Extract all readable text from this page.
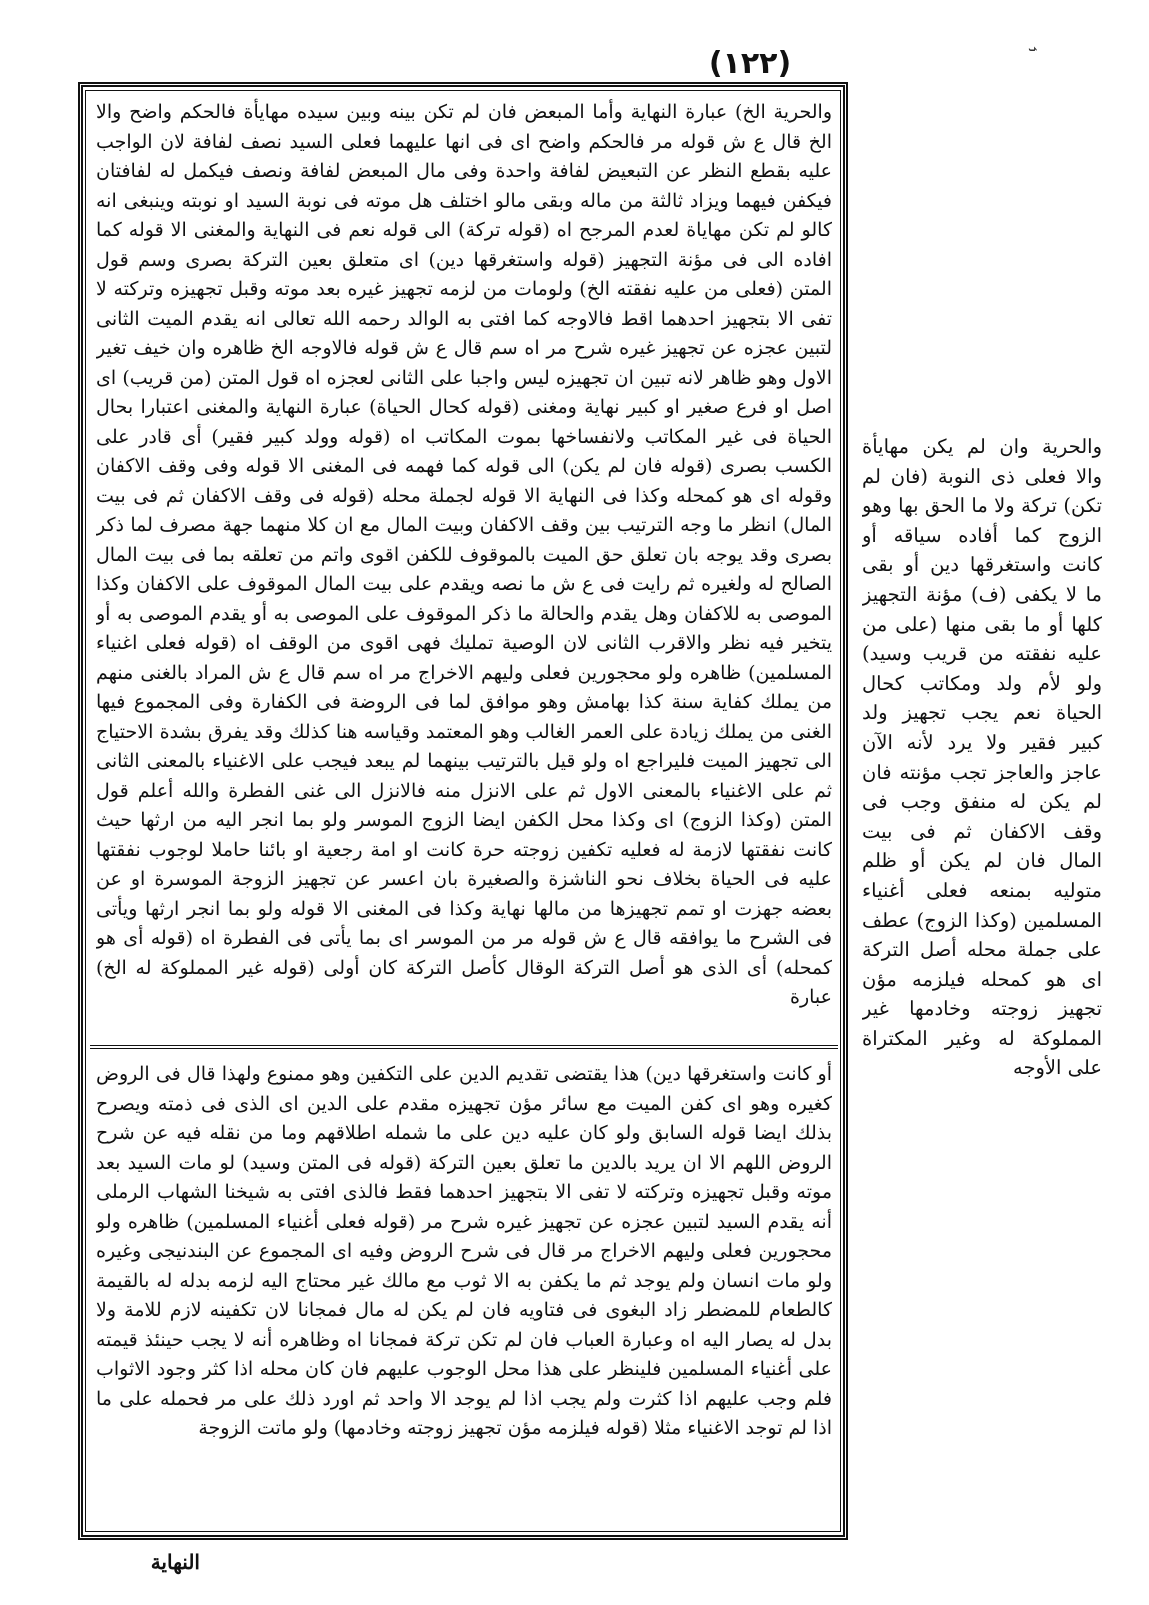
ܝ
(١٢٢)
والحرية الخ) عبارة النهاية وأما المبعض فان لم تكن بينه وبين سيده مهايأة فالحكم واضح والا الخ قال ع ش قوله مر فالحكم واضح اى فى انها عليهما فعلى السيد نصف لفافة لان الواجب عليه بقطع النظر عن التبعيض لفافة واحدة وفى مال المبعض لفافة ونصف فيكمل له لفافتان فيكفن فيهما ويزاد ثالثة من ماله وبقى مالو اختلف هل موته فى نوبة السيد او نوبته وينبغى انه كالو لم تكن مهاياة لعدم المرجح اه (قوله تركة) الى قوله نعم فى النهاية والمغنى الا قوله كما افاده الى فى مؤنة التجهيز (قوله واستغرقها دين) اى متعلق بعين التركة بصرى وسم قول المتن (فعلى من عليه نفقته الخ) ولومات من لزمه تجهيز غيره بعد موته وقبل تجهيزه وتركته لا تفى الا بتجهيز احدهما اقط فالاوجه كما افتى به الوالد رحمه الله تعالى انه يقدم الميت الثانى لتبين عجزه عن تجهيز غيره شرح مر اه سم قال ع ش قوله فالاوجه الخ ظاهره وان خيف تغير الاول وهو ظاهر لانه تبين ان تجهيزه ليس واجبا على الثانى لعجزه اه قول المتن (من قريب) اى اصل او فرع صغير او كبير نهاية ومغنى (قوله كحال الحياة) عبارة النهاية والمغنى اعتبارا بحال الحياة فى غير المكاتب ولانفساخها بموت المكاتب اه (قوله وولد كبير فقير) أى قادر على الكسب بصرى (قوله فان لم يكن) الى قوله كما فهمه فى المغنى الا قوله وفى وقف الاكفان وقوله اى هو كمحله وكذا فى النهاية الا قوله لجملة محله (قوله فى وقف الاكفان ثم فى بيت المال) انظر ما وجه الترتيب بين وقف الاكفان وبيت المال مع ان كلا منهما جهة مصرف لما ذكر بصرى وقد يوجه بان تعلق حق الميت بالموقوف للكفن اقوى واتم من تعلقه بما فى بيت المال الصالح له ولغيره ثم رايت فى ع ش ما نصه ويقدم على بيت المال الموقوف على الاكفان وكذا الموصى به للاكفان وهل يقدم والحالة ما ذكر الموقوف على الموصى به أو يقدم الموصى به أو يتخير فيه نظر والاقرب الثانى لان الوصية تمليك فهى اقوى من الوقف اه (قوله فعلى اغنياء المسلمين) ظاهره ولو محجورين فعلى وليهم الاخراج مر اه سم قال ع ش المراد بالغنى منهم من يملك كفاية سنة كذا بهامش وهو موافق لما فى الروضة فى الكفارة وفى المجموع فيها الغنى من يملك زيادة على العمر الغالب وهو المعتمد وقياسه هنا كذلك وقد يفرق بشدة الاحتياج الى تجهيز الميت فليراجع اه ولو قيل بالترتيب بينهما لم يبعد فيجب على الاغنياء بالمعنى الثانى ثم على الاغنياء بالمعنى الاول ثم على الانزل منه فالانزل الى غنى الفطرة والله أعلم قول المتن (وكذا الزوج) اى وكذا محل الكفن ايضا الزوج الموسر ولو بما انجر اليه من ارثها حيث كانت نفقتها لازمة له فعليه تكفين زوجته حرة كانت او امة رجعية او بائنا حاملا لوجوب نفقتها عليه فى الحياة بخلاف نحو الناشزة والصغيرة بان اعسر عن تجهيز الزوجة الموسرة او عن بعضه جهزت او تمم تجهيزها من مالها نهاية وكذا فى المغنى الا قوله ولو بما انجر ارثها ويأتى فى الشرح ما يوافقه قال ع ش قوله مر من الموسر اى بما يأتى فى الفطرة اه (قوله أى هو كمحله) أى الذى هو أصل التركة الوقال كأصل التركة كان أولى (قوله غير المملوكة له الخ) عبارة
أو كانت واستغرقها دين) هذا يقتضى تقديم الدين على التكفين وهو ممنوع ولهذا قال فى الروض كغيره وهو اى كفن الميت مع سائر مؤن تجهيزه مقدم على الدين اى الذى فى ذمته ويصرح بذلك ايضا قوله السابق ولو كان عليه دين على ما شمله اطلاقهم وما من نقله فيه عن شرح الروض اللهم الا ان يريد بالدين ما تعلق بعين التركة (قوله فى المتن وسيد) لو مات السيد بعد موته وقبل تجهيزه وتركته لا تفى الا بتجهيز احدهما فقط فالذى افتى به شيخنا الشهاب الرملى أنه يقدم السيد لتبين عجزه عن تجهيز غيره شرح مر (قوله فعلى أغنياء المسلمين) ظاهره ولو محجورين فعلى وليهم الاخراج مر قال فى شرح الروض وفيه اى المجموع عن البندنيجى وغيره ولو مات انسان ولم يوجد ثم ما يكفن به الا ثوب مع مالك غير محتاج اليه لزمه بدله له بالقيمة كالطعام للمضطر زاد البغوى فى فتاويه فان لم يكن له مال فمجانا لان تكفينه لازم للامة ولا بدل له يصار اليه اه وعبارة العباب فان لم تكن تركة فمجانا اه وظاهره أنه لا يجب حينئذ قيمته على أغنياء المسلمين فلينظر على هذا محل الوجوب عليهم فان كان محله اذا كثر وجود الاثواب فلم وجب عليهم اذا كثرت ولم يجب اذا لم يوجد الا واحد ثم اورد ذلك على مر فحمله على ما اذا لم توجد الاغنياء مثلا (قوله فيلزمه مؤن تجهيز زوجته وخادمها) ولو ماتت الزوجة
والحرية وان لم يكن مهايأة والا فعلى ذى النوبة (فان لم تكن) تركة ولا ما الحق بها وهو الزوج كما أفاده سياقه أو كانت واستغرقها دين أو بقى ما لا يكفى (ف) مؤنة التجهيز كلها أو ما بقى منها (على من عليه نفقته من قريب وسيد) ولو لأم ولد ومكاتب كحال الحياة نعم يجب تجهيز ولد كبير فقير ولا يرد لأنه الآن عاجز والعاجز تجب مؤنته فان لم يكن له منفق وجب فى وقف الاكفان ثم فى بيت المال فان لم يكن أو ظلم متوليه بمنعه فعلى أغنياء المسلمين (وكذا الزوج) عطف على جملة محله أصل التركة اى هو كمحله فيلزمه مؤن تجهيز زوجته وخادمها غير المملوكة له وغير المكتراة على الأوجه
النهاية
